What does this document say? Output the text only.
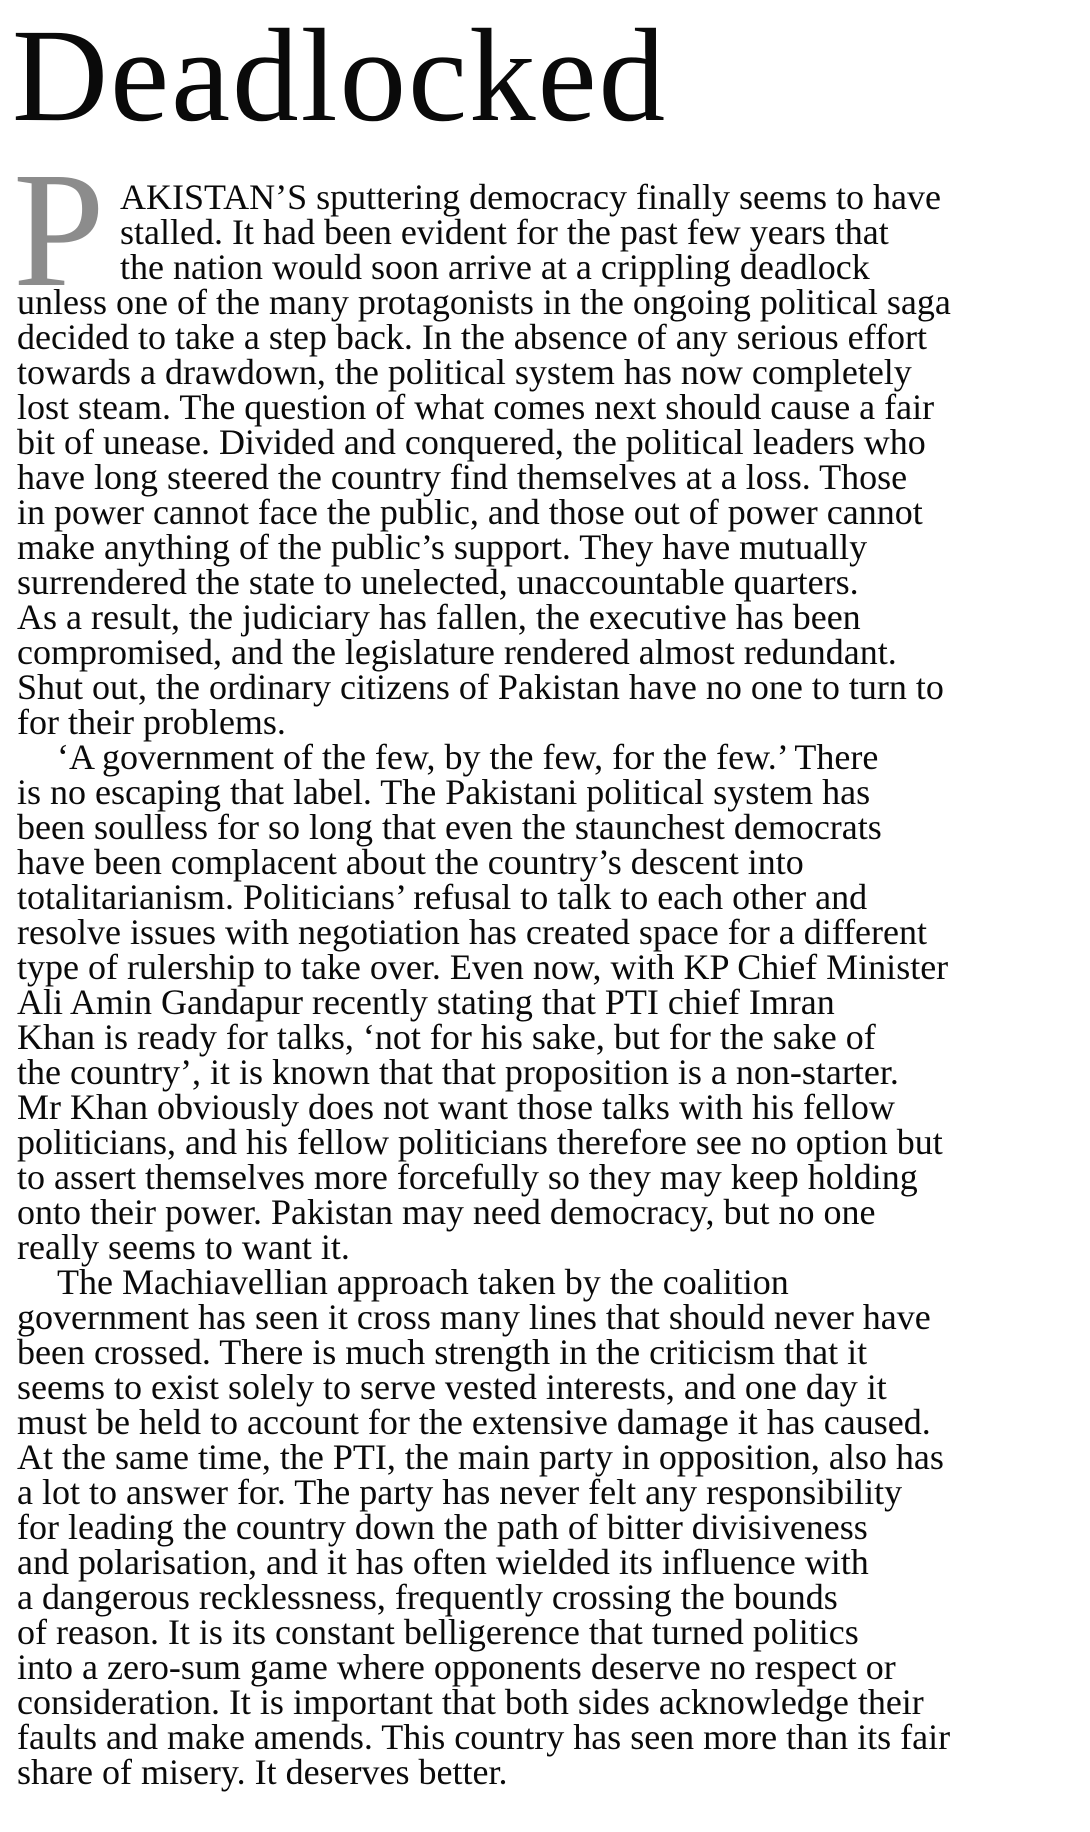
Deadlocked
P AKISTAN’S sputtering democracy finally seems to have
stalled. It had been evident for the past few years that
the nation would soon arrive at a crippling deadlock
unless one of the many protagonists in the ongoing political saga
decided to take a step back. In the absence of any serious effort
towards a drawdown, the political system has now completely
lost steam. The question of what comes next should cause a fair
bit of unease. Divided and conquered, the political leaders who
have long steered the country find themselves at a loss. Those
in power cannot face the public, and those out of power cannot
make anything of the public’s support. They have mutually
surrendered the state to unelected, unaccountable quarters.
As a result, the judiciary has fallen, the executive has been
compromised, and the legislature rendered almost redundant.
Shut out, the ordinary citizens of Pakistan have no one to turn to
for their problems.
‘A government of the few, by the few, for the few.’ There
is no escaping that label. The Pakistani political system has
been soulless for so long that even the staunchest democrats
have been complacent about the country’s descent into
totalitarianism. Politicians’ refusal to talk to each other and
resolve issues with negotiation has created space for a different
type of rulership to take over. Even now, with KP Chief Minister
Ali Amin Gandapur recently stating that PTI chief Imran
Khan is ready for talks, ‘not for his sake, but for the sake of
the country’, it is known that that proposition is a non-starter.
Mr Khan obviously does not want those talks with his fellow
politicians, and his fellow politicians therefore see no option but
to assert themselves more forcefully so they may keep holding
onto their power. Pakistan may need democracy, but no one
really seems to want it.
The Machiavellian approach taken by the coalition
government has seen it cross many lines that should never have
been crossed. There is much strength in the criticism that it
seems to exist solely to serve vested interests, and one day it
must be held to account for the extensive damage it has caused.
At the same time, the PTI, the main party in opposition, also has
a lot to answer for. The party has never felt any responsibility
for leading the country down the path of bitter divisiveness
and polarisation, and it has often wielded its influence with
a dangerous recklessness, frequently crossing the bounds
of reason. It is its constant belligerence that turned politics
into a zero-sum game where opponents deserve no respect or
consideration. It is important that both sides acknowledge their
faults and make amends. This country has seen more than its fair
share of misery. It deserves better.
